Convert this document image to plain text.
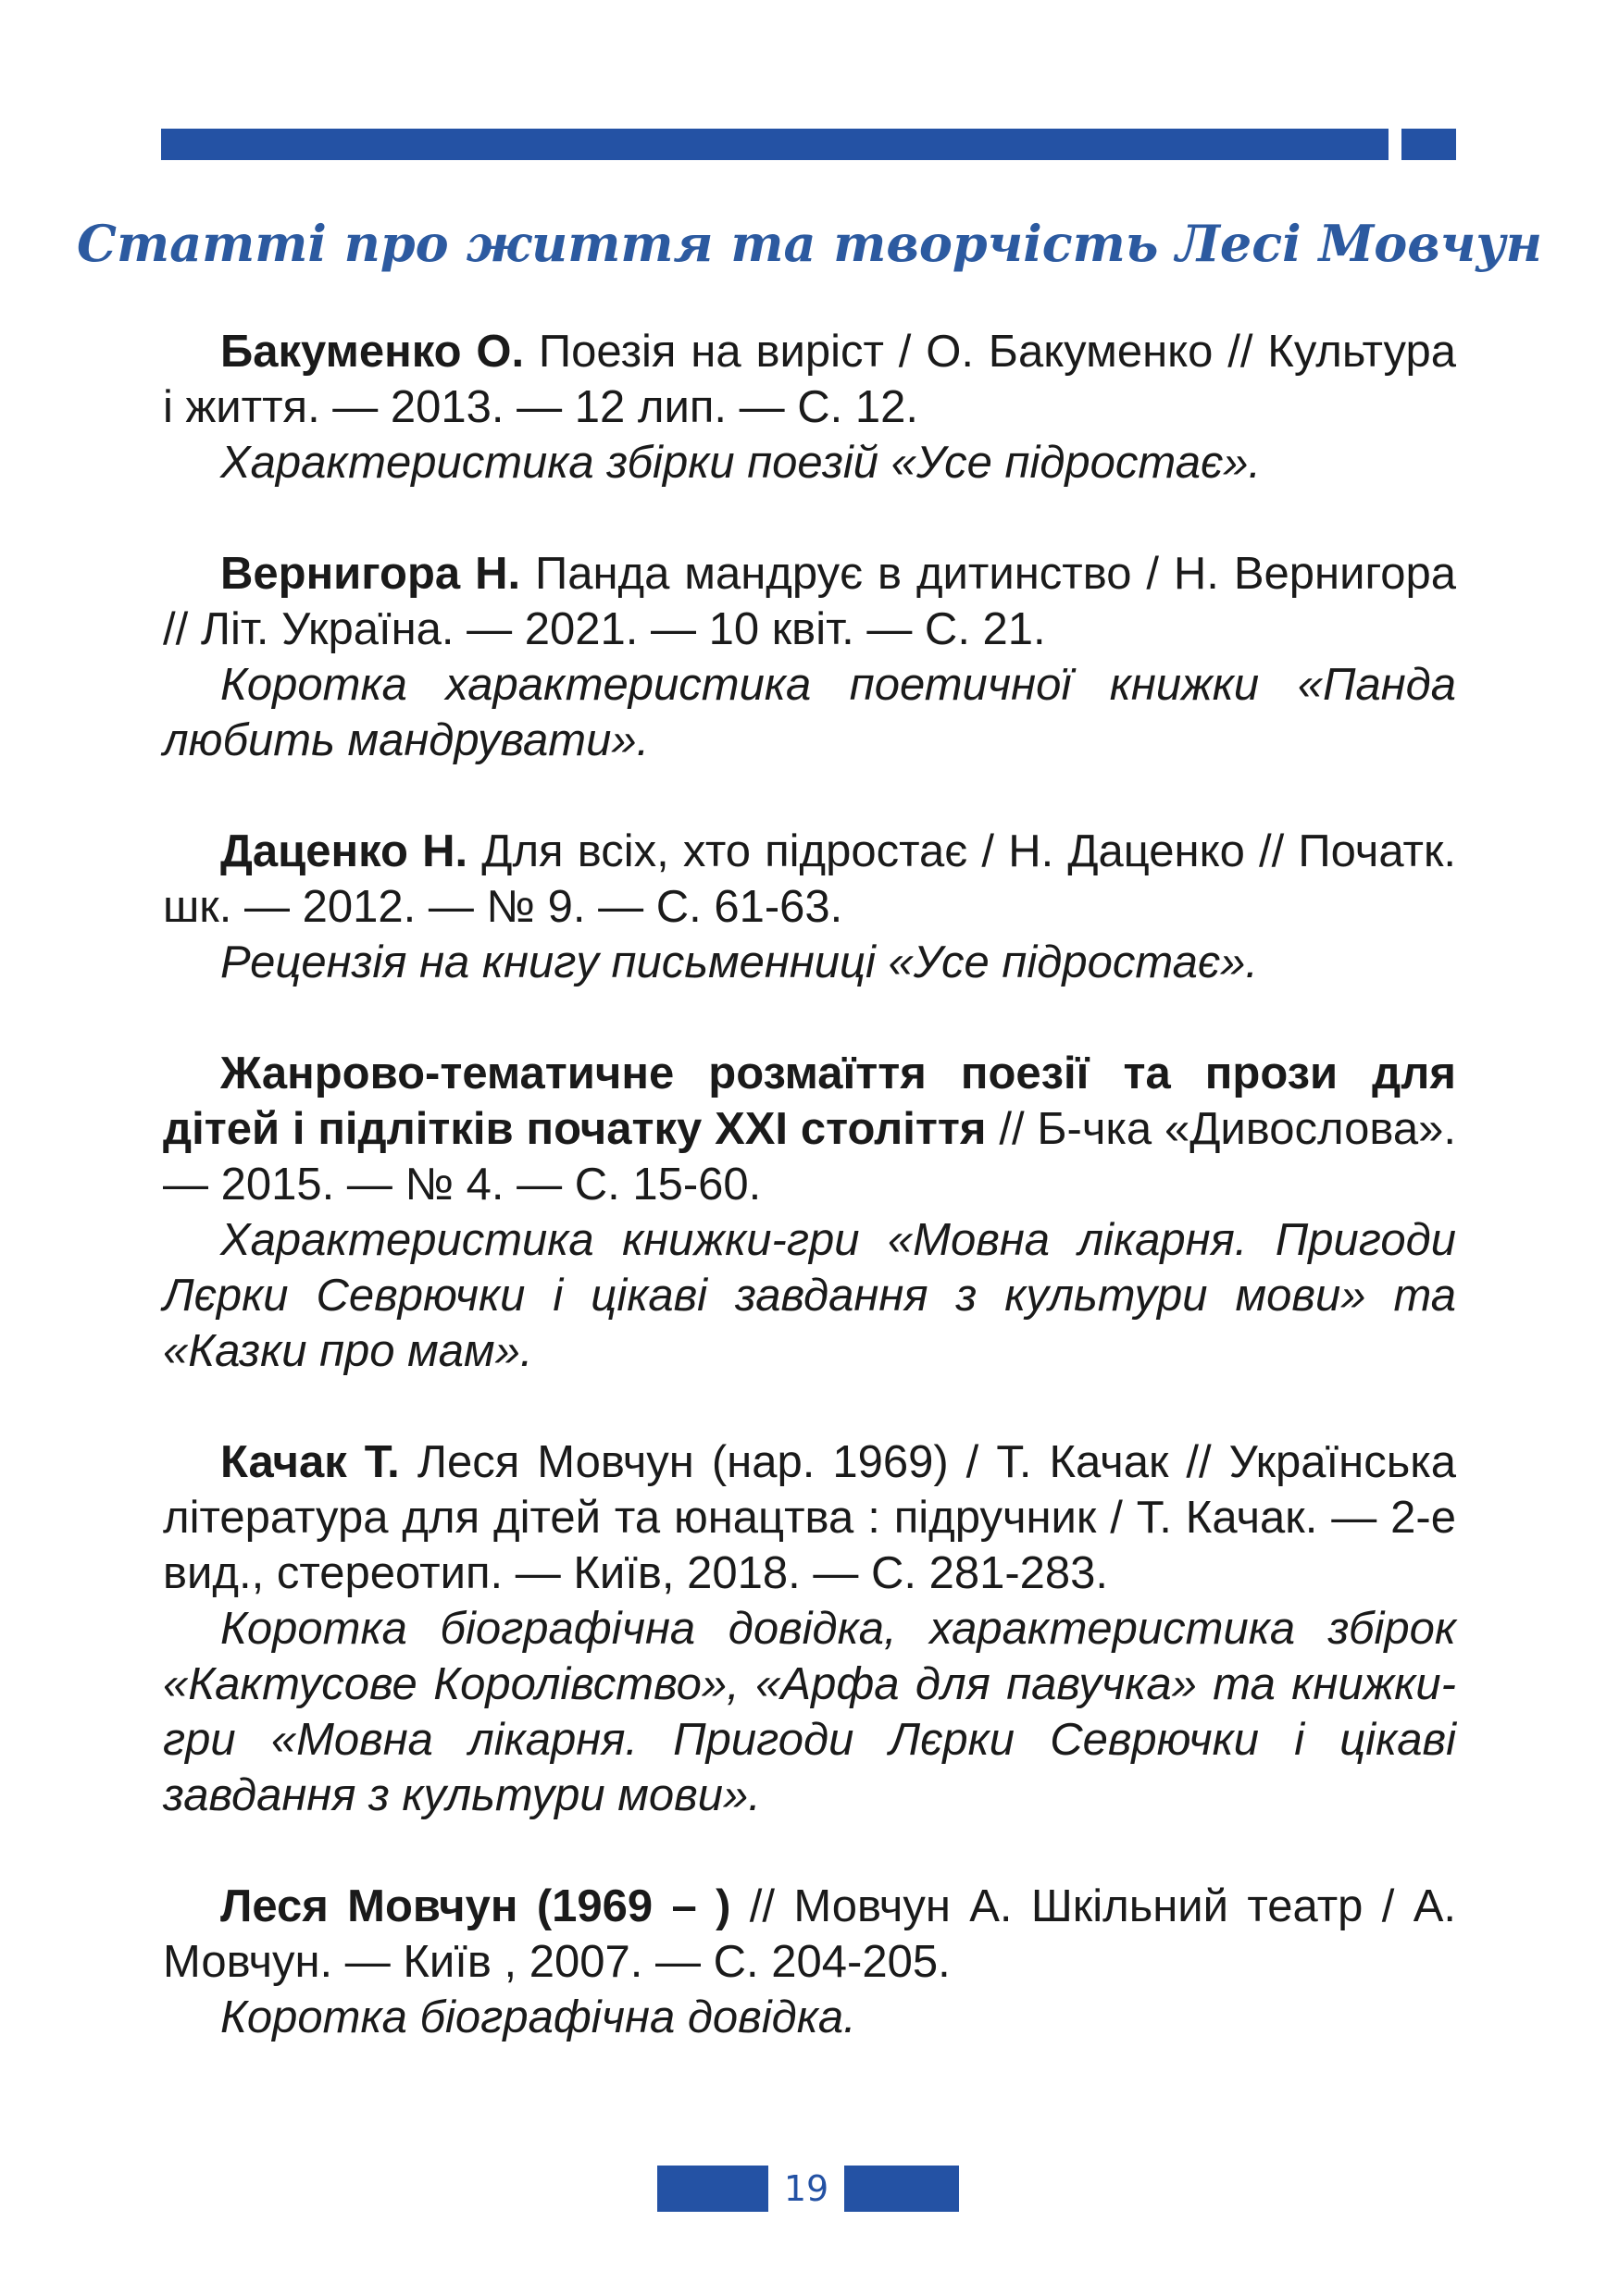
Статті про життя та творчість Лесі Мовчун

Бакуменко О. Поезія на виріст / О. Бакуменко // Культура і життя. — 2013. — 12 лип. — С. 12.

Характеристика збірки поезій «Усе підростає».

Вернигора Н. Панда мандрує в дитинство / Н. Вернигора // Літ. Україна. — 2021. — 10 квіт. — С. 21.

Коротка характеристика поетичної книжки «Панда любить мандрувати».

Даценко Н. Для всіх, хто підростає / Н. Даценко // Початк. шк. — 2012. — № 9. — С. 61-63.

Рецензія на книгу письменниці «Усе підростає».

Жанрово-тематичне розмаїття поезії та прози для дітей і підлітків початку XXI століття // Б-чка «Дивослова». — 2015. — № 4. — С. 15-60.

Характеристика книжки-гри «Мовна лікарня. Пригоди Лєрки Севрючки і цікаві завдання з культури мови» та «Казки про мам».

Качак Т. Леся Мовчун (нар. 1969) / Т. Качак // Українська література для дітей та юнацтва : підручник / Т. Качак. — 2-е вид., стереотип. — Київ, 2018. — С. 281-283.

Коротка біографічна довідка, характеристика збірок «Кактусове Королівство», «Арфа для павучка» та книжки-гри «Мовна лікарня. Пригоди Лєрки Севрючки і цікаві завдання з культури мови».

Леся Мовчун (1969 – ) // Мовчун А. Шкільний театр / А. Мовчун. — Київ , 2007. — С. 204-205.

Коротка біографічна довідка.

19
